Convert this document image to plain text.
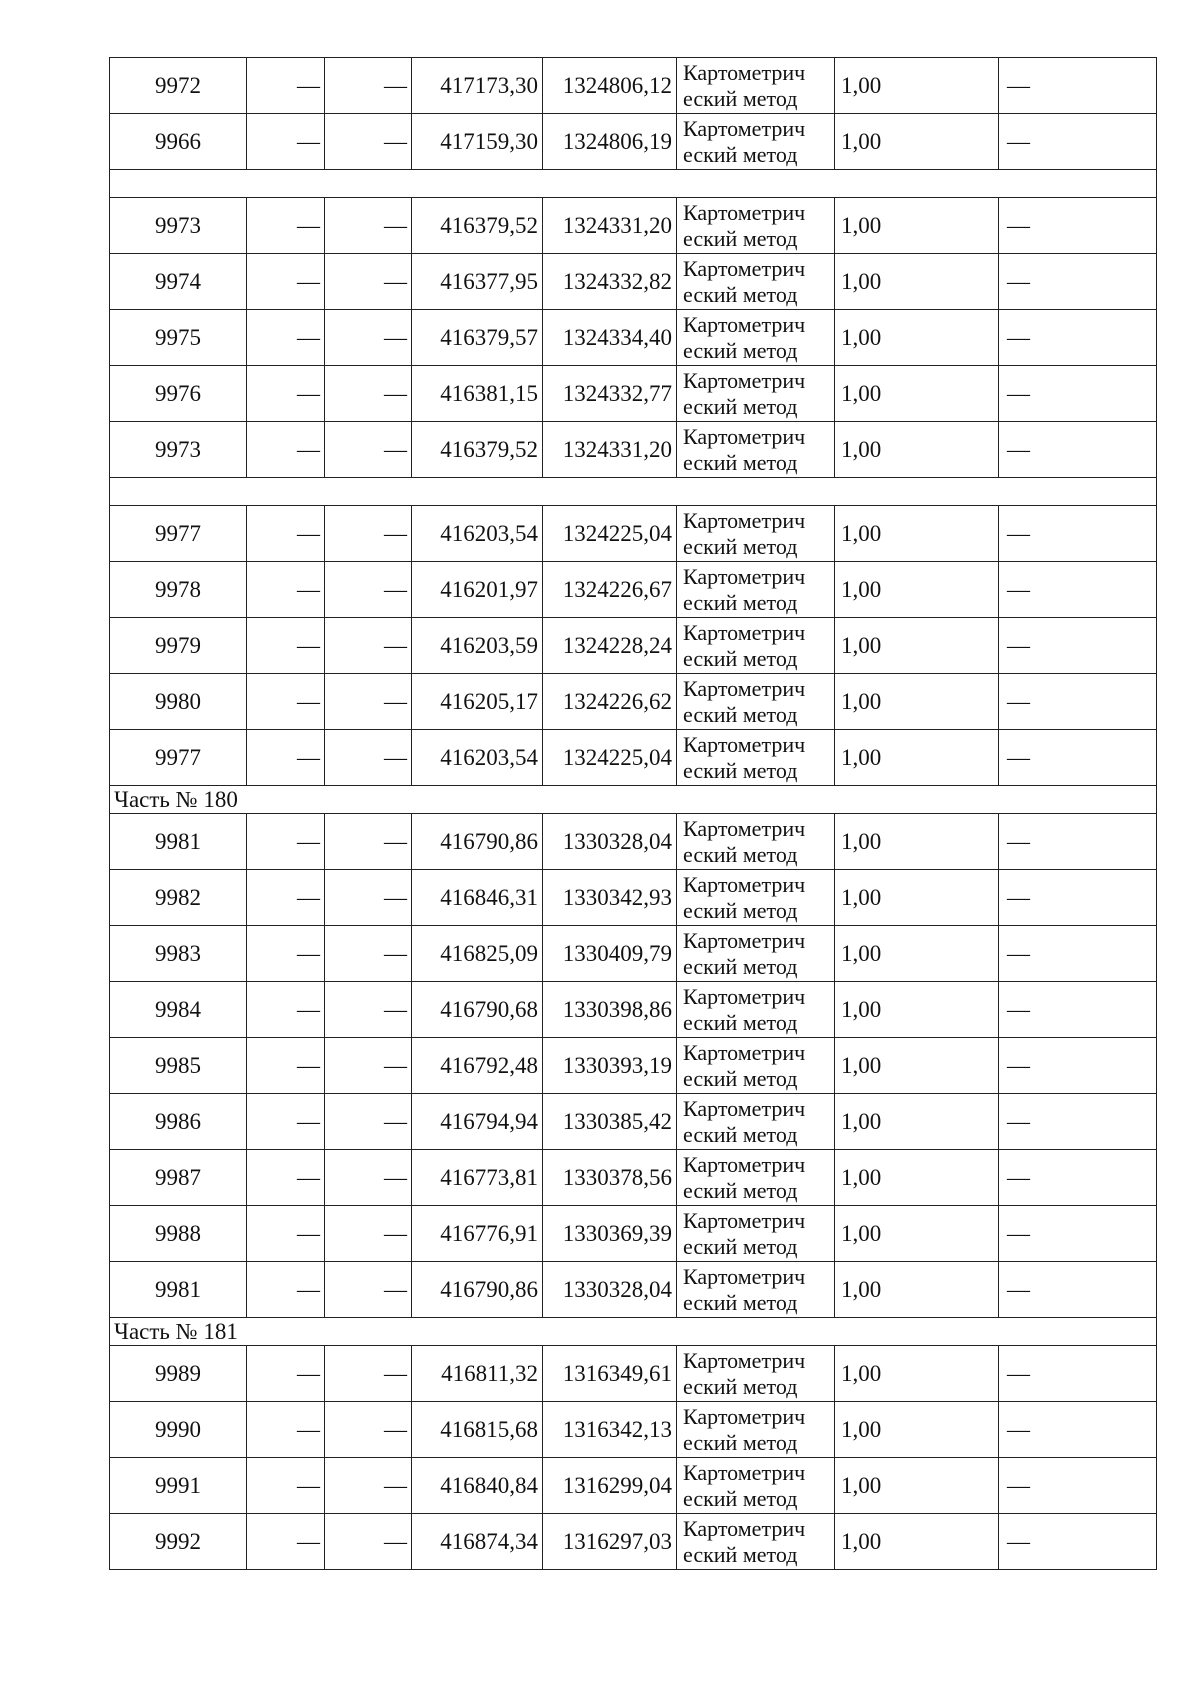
9972	—	—	417173,30	1324806,12	Картометрич
еский метод	1,00	—
9966	—	—	417159,30	1324806,19	Картометрич
еский метод	1,00	—

9973	—	—	416379,52	1324331,20	Картометрич
еский метод	1,00	—
9974	—	—	416377,95	1324332,82	Картометрич
еский метод	1,00	—
9975	—	—	416379,57	1324334,40	Картометрич
еский метод	1,00	—
9976	—	—	416381,15	1324332,77	Картометрич
еский метод	1,00	—
9973	—	—	416379,52	1324331,20	Картометрич
еский метод	1,00	—

9977	—	—	416203,54	1324225,04	Картометрич
еский метод	1,00	—
9978	—	—	416201,97	1324226,67	Картометрич
еский метод	1,00	—
9979	—	—	416203,59	1324228,24	Картометрич
еский метод	1,00	—
9980	—	—	416205,17	1324226,62	Картометрич
еский метод	1,00	—
9977	—	—	416203,54	1324225,04	Картометрич
еский метод	1,00	—
Часть № 180							
9981	—	—	416790,86	1330328,04	Картометрич
еский метод	1,00	—
9982	—	—	416846,31	1330342,93	Картометрич
еский метод	1,00	—
9983	—	—	416825,09	1330409,79	Картометрич
еский метод	1,00	—
9984	—	—	416790,68	1330398,86	Картометрич
еский метод	1,00	—
9985	—	—	416792,48	1330393,19	Картометрич
еский метод	1,00	—
9986	—	—	416794,94	1330385,42	Картометрич
еский метод	1,00	—
9987	—	—	416773,81	1330378,56	Картометрич
еский метод	1,00	—
9988	—	—	416776,91	1330369,39	Картометрич
еский метод	1,00	—
9981	—	—	416790,86	1330328,04	Картометрич
еский метод	1,00	—
Часть № 181							
9989	—	—	416811,32	1316349,61	Картометрич
еский метод	1,00	—
9990	—	—	416815,68	1316342,13	Картометрич
еский метод	1,00	—
9991	—	—	416840,84	1316299,04	Картометрич
еский метод	1,00	—
9992	—	—	416874,34	1316297,03	Картометрич
еский метод	1,00	—
